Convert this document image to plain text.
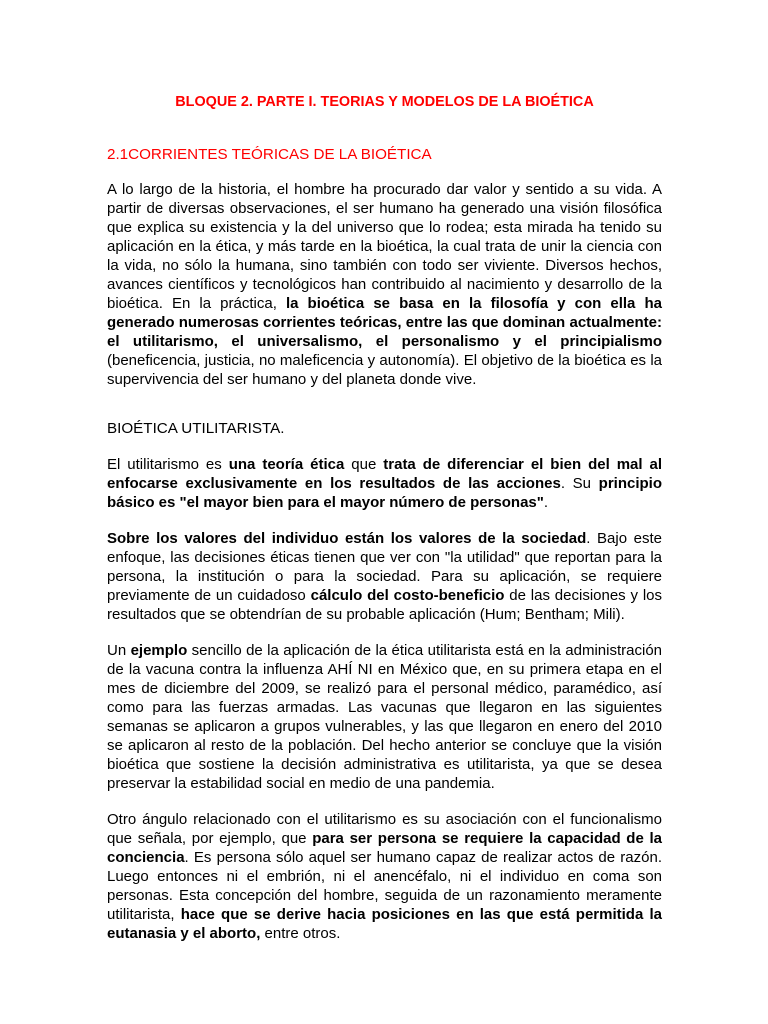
BLOQUE 2. PARTE I. TEORIAS Y MODELOS DE LA BIOÉTICA
2.1CORRIENTES TEÓRICAS DE LA BIOÉTICA

A lo largo de la historia, el hombre ha procurado dar valor y sentido a su vida. A partir de diversas observaciones, el ser humano ha generado una visión filosófica que explica su existencia y la del universo que lo rodea; esta mirada ha tenido su aplicación en la ética, y más tarde en la bioética, la cual trata de unir la ciencia con la vida, no sólo la humana, sino también con todo ser viviente. Diversos hechos, avances científicos y tecnológicos han contribuido al nacimiento y desarrollo de la bioética. En la práctica, la bioética se basa en la filosofía y con ella ha generado numerosas corrientes teóricas, entre las que dominan actualmente: el utilitarismo, el universalismo, el personalismo y el principialismo (beneficencia, justicia, no maleficencia y autonomía). El objetivo de la bioética es la supervivencia del ser humano y del planeta donde vive.

BIOÉTICA UTILITARISTA.

El utilitarismo es una teoría ética que trata de diferenciar el bien del mal al enfocarse exclusivamente en los resultados de las acciones. Su principio básico es "el mayor bien para el mayor número de personas".

Sobre los valores del individuo están los valores de la sociedad. Bajo este enfoque, las decisiones éticas tienen que ver con "la utilidad" que reportan para la persona, la institución o para la sociedad. Para su aplicación, se requiere previamente de un cuidadoso cálculo del costo-beneficio de las decisiones y los resultados que se obtendrían de su probable aplicación (Hum; Bentham; Mili).

Un ejemplo sencillo de la aplicación de la ética utilitarista está en la administración de la vacuna contra la influenza AHÍ NI en México que, en su primera etapa en el mes de diciembre del 2009, se realizó para el personal médico, paramédico, así como para las fuerzas armadas. Las vacunas que llegaron en las siguientes semanas se aplicaron a grupos vulnerables, y las que llegaron en enero del 2010 se aplicaron al resto de la población. Del hecho anterior se concluye que la visión bioética que sostiene la decisión administrativa es utilitarista, ya que se desea preservar la estabilidad social en medio de una pandemia.

Otro ángulo relacionado con el utilitarismo es su asociación con el funcionalismo que señala, por ejemplo, que para ser persona se requiere la capacidad de la conciencia. Es persona sólo aquel ser humano capaz de realizar actos de razón. Luego entonces ni el embrión, ni el anencéfalo, ni el individuo en coma son personas. Esta concepción del hombre, seguida de un razonamiento meramente utilitarista, hace que se derive hacia posiciones en las que está permitida la eutanasia y el aborto, entre otros.
